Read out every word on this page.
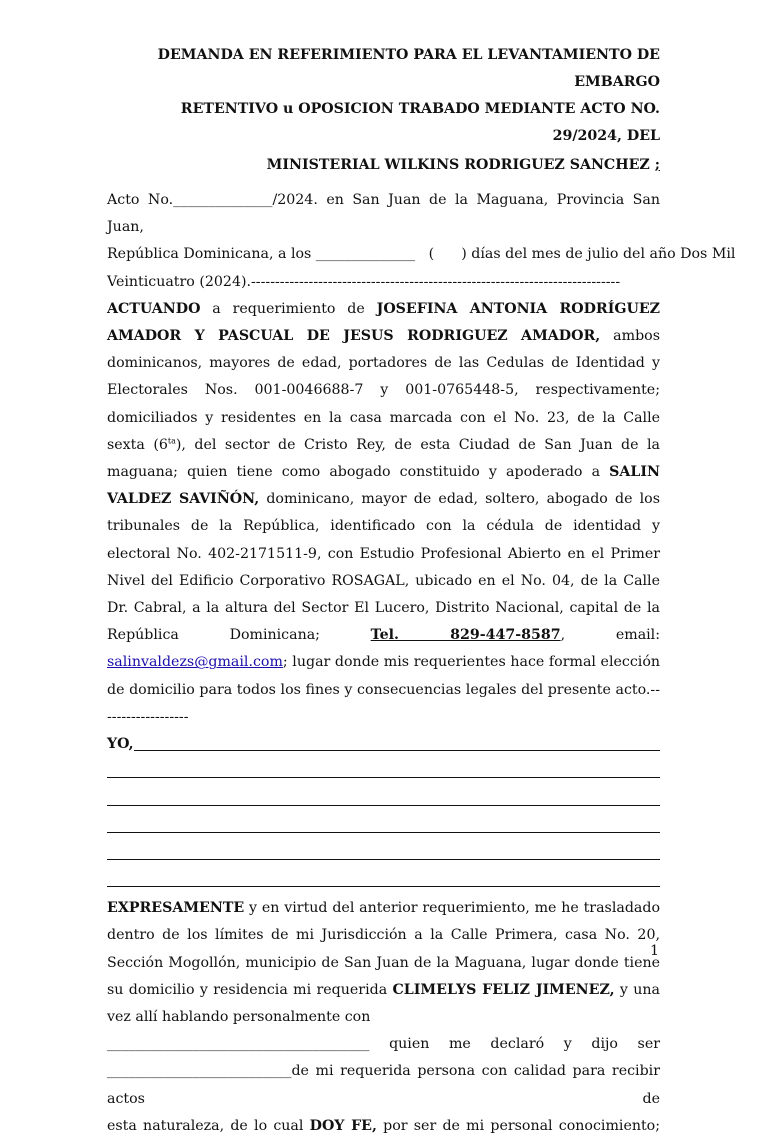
DEMANDA EN REFERIMIENTO PARA EL LEVANTAMIENTO DE EMBARGO
RETENTIVO u OPOSICION TRABADO MEDIANTE ACTO NO. 29/2024, DEL
MINISTERIAL WILKINS RODRIGUEZ SANCHEZ ;
Acto No.______________/2024. en San Juan de la Maguana, Provincia San Juan,
República Dominicana, a los ______________   (      ) días del mes de julio del año Dos Mil
Veinticuatro (2024).-----------------------------------------------------------------------------

ACTUANDO a requerimiento de JOSEFINA ANTONIA RODRÍGUEZ AMADOR Y PASCUAL DE JESUS RODRIGUEZ AMADOR, ambos dominicanos, mayores de edad, portadores de las Cedulas de Identidad y Electorales Nos. 001-0046688-7 y 001-0765448-5, respectivamente; domiciliados y residentes en la casa marcada con el No. 23, de la Calle sexta $(6^{ta})$, del sector de Cristo Rey, de esta Ciudad de San Juan de la maguana; quien tiene como abogado constituido y apoderado a SALIN VALDEZ SAVIÑÓN, dominicano, mayor de edad, soltero, abogado de los tribunales de la República, identificado con la cédula de identidad y electoral No. 402-2171511-9, con Estudio Profesional Abierto en el Primer Nivel del Edificio Corporativo ROSAGAL, ubicado en el No. 04, de la Calle Dr. Cabral, a la altura del Sector El Lucero, Distrito Nacional, capital de la República Dominicana; Tel. 829-447-8587, email: salinvaldezs@gmail.com; lugar donde mis requerientes hace formal elección de domicilio para todos los fines y consecuencias legales del presente acto.-------------------

YO,

EXPRESAMENTE y en virtud del anterior requerimiento, me he trasladado dentro de los límites de mi Jurisdicción a la Calle Primera, casa No. 20, Sección Mogollón, municipio de San Juan de la Maguana, lugar donde tiene su domicilio y residencia mi requerida CLIMELYS FELIZ JIMENEZ, y una vez allí hablando personalmente con

_____________________________________ quien me declaró y dijo ser
__________________________de mi requerida persona con calidad para recibir actos de
esta naturaleza, de lo cual DOY FE, por ser de mi personal conocimiento;
1
